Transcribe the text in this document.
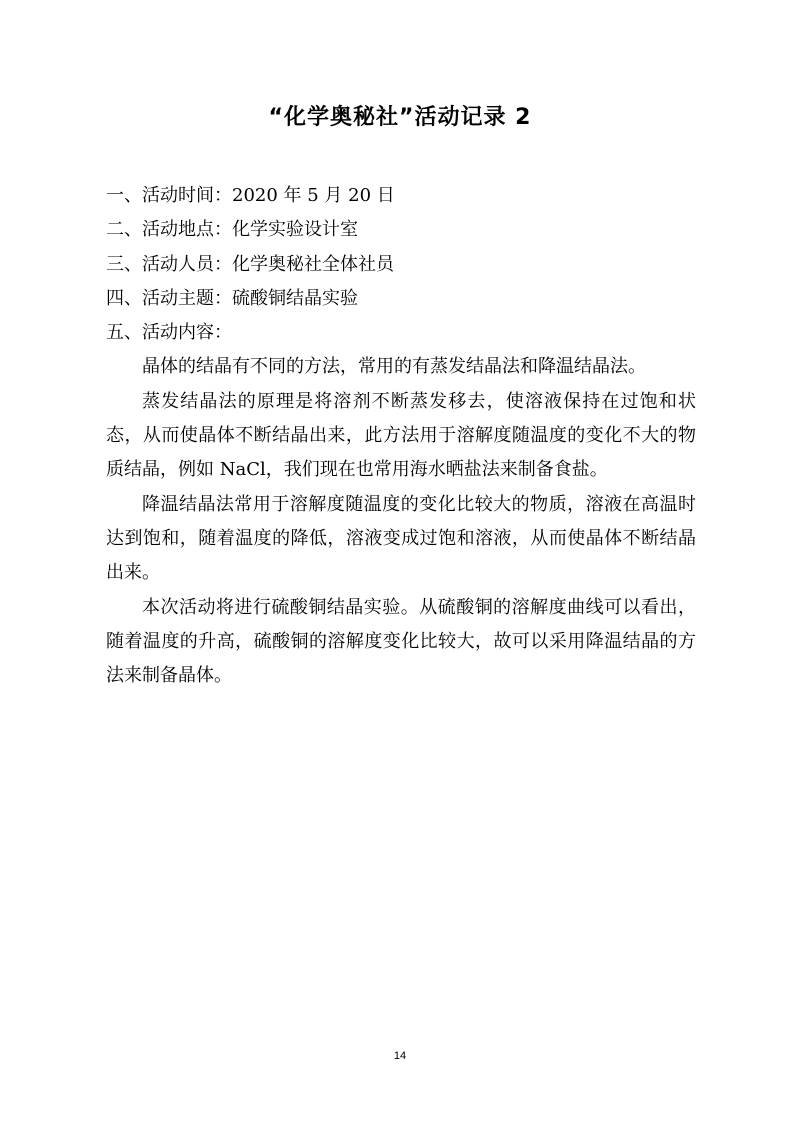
“化学奥秘社”活动记录 2

一、活动时间：2020 年 5 月 20 日

二、活动地点：化学实验设计室

三、活动人员：化学奥秘社全体社员

四、活动主题：硫酸铜结晶实验

五、活动内容：

晶体的结晶有不同的方法，常用的有蒸发结晶法和降温结晶法。

蒸发结晶法的原理是将溶剂不断蒸发移去，使溶液保持在过饱和状态，从而使晶体不断结晶出来，此方法用于溶解度随温度的变化不大的物质结晶，例如 NaCl，我们现在也常用海水晒盐法来制备食盐。

降温结晶法常用于溶解度随温度的变化比较大的物质，溶液在高温时达到饱和，随着温度的降低，溶液变成过饱和溶液，从而使晶体不断结晶出来。

本次活动将进行硫酸铜结晶实验。从硫酸铜的溶解度曲线可以看出，随着温度的升高，硫酸铜的溶解度变化比较大，故可以采用降温结晶的方法来制备晶体。

14
